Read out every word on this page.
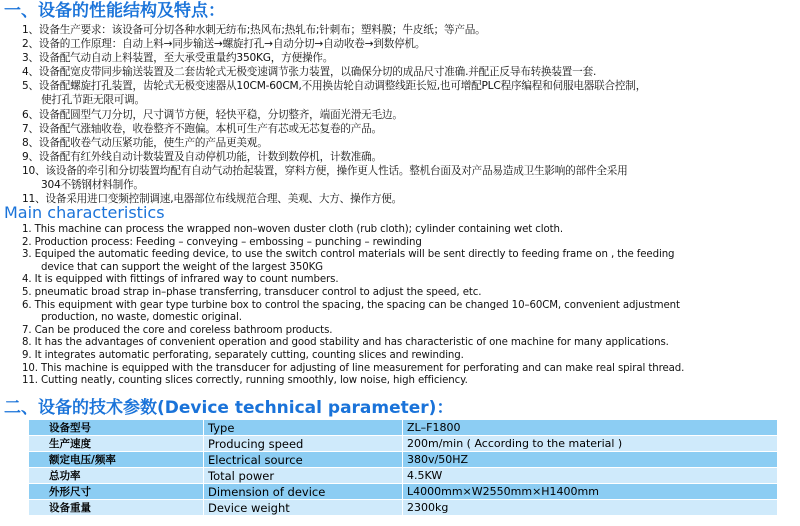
一、设备的性能结构及特点：
1、设备生产要求：该设备可分切各种水刺无纺布;热风布;热轧布;针刺布；塑料膜；牛皮纸；等产品。
2、设备的工作原理：自动上料→同步输送→螺旋打孔→自动分切→自动收卷→到数停机。
3、设备配气动自动上料装置，至大承受重量约350KG，方便操作。
4、设备配宽皮带同步输送装置及二套齿轮式无极变速调节张力装置，以确保分切的成品尺寸准确.并配正反导布转换装置一套.
5、设备配螺旋打孔装置，齿轮式无极变速器从10CM-60CM,不用换齿轮自动调整线距长短,也可增配PLC程序编程和伺服电器联合控制，
使打孔节距无限可调。
6、设备配圆型气刀分切，尺寸调节方便，轻快平稳，分切整齐，端面光滑无毛边。
7、设备配气涨轴收卷，收卷整齐不跑偏。本机可生产有芯或无芯复卷的产品。
8、设备配收卷气动压紧功能，使生产的产品更美观。
9、设备配有红外线自动计数装置及自动停机功能，计数到数停机，计数准确。
10、该设备的牵引和分切装置均配有自动气动抬起装置，穿料方便，操作更人性话。整机台面及对产品易造成卫生影响的部件全采用
304不锈钢材料制作。
11、设备采用进口变频控制调速,电器部位布线规范合理、美观、大方、操作方便。
Main characteristics
1. This machine can process the wrapped non–woven duster cloth (rub cloth); cylinder containing wet cloth.
2. Production process: Feeding – conveying – embossing – punching – rewinding
3. Equiped the automatic feeding device, to use the switch control materials will be sent directly to feeding frame on , the feeding
device that can support the weight of the largest 350KG
4. It is equipped with fittings of infrared way to count numbers.
5. pneumatic broad strap in–phase transferring, transducer control to adjust the speed, etc.
6. This equipment with gear type turbine box to control the spacing, the spacing can be changed 10–60CM, convenient adjustment
production, no waste, domestic original.
7. Can be produced the core and coreless bathroom products.
8. It has the advantages of convenient operation and good stability and has characteristic of one machine for many applications.
9. It integrates automatic perforating, separately cutting, counting slices and rewinding.
10. This machine is equipped with the transducer for adjusting of line measurement for perforating and can make real spiral thread.
11. Cutting neatly, counting slices correctly, running smoothly, low noise, high efficiency.
二、设备的技术参数(Device technical parameter)：
设备型号	Type	ZL–F1800
生产速度	Producing speed	200m/min ( According to the material )
额定电压/频率	Electrical source	380v/50HZ
总功率	Total power	4.5KW
外形尺寸	Dimension of device	L4000mm×W2550mm×H1400mm
设备重量	Device weight	2300kg
